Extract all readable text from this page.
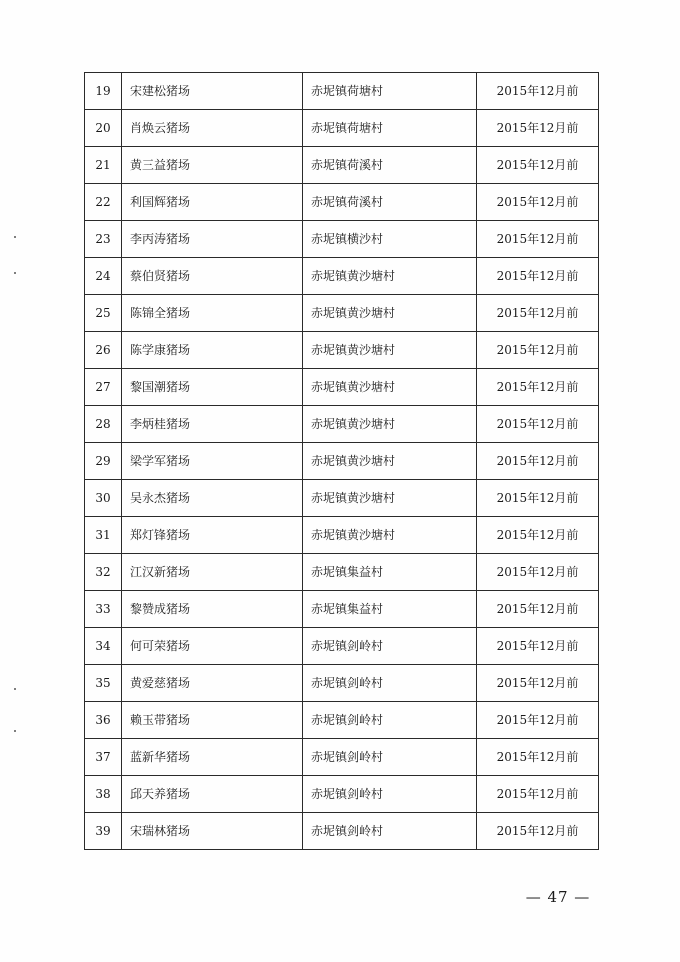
19	宋建松猪场	赤坭镇荷塘村	2015年12月前
20	肖焕云猪场	赤坭镇荷塘村	2015年12月前
21	黄三益猪场	赤坭镇荷溪村	2015年12月前
22	利国辉猪场	赤坭镇荷溪村	2015年12月前
23	李丙涛猪场	赤坭镇横沙村	2015年12月前
24	蔡伯贤猪场	赤坭镇黄沙塘村	2015年12月前
25	陈锦全猪场	赤坭镇黄沙塘村	2015年12月前
26	陈学康猪场	赤坭镇黄沙塘村	2015年12月前
27	黎国潮猪场	赤坭镇黄沙塘村	2015年12月前
28	李炳桂猪场	赤坭镇黄沙塘村	2015年12月前
29	梁学军猪场	赤坭镇黄沙塘村	2015年12月前
30	吴永杰猪场	赤坭镇黄沙塘村	2015年12月前
31	郑灯锋猪场	赤坭镇黄沙塘村	2015年12月前
32	江汉新猪场	赤坭镇集益村	2015年12月前
33	黎赞成猪场	赤坭镇集益村	2015年12月前
34	何可荣猪场	赤坭镇剑岭村	2015年12月前
35	黄爱慈猪场	赤坭镇剑岭村	2015年12月前
36	赖玉带猪场	赤坭镇剑岭村	2015年12月前
37	蓝新华猪场	赤坭镇剑岭村	2015年12月前
38	邱天养猪场	赤坭镇剑岭村	2015年12月前
39	宋瑞林猪场	赤坭镇剑岭村	2015年12月前
— 47 —
